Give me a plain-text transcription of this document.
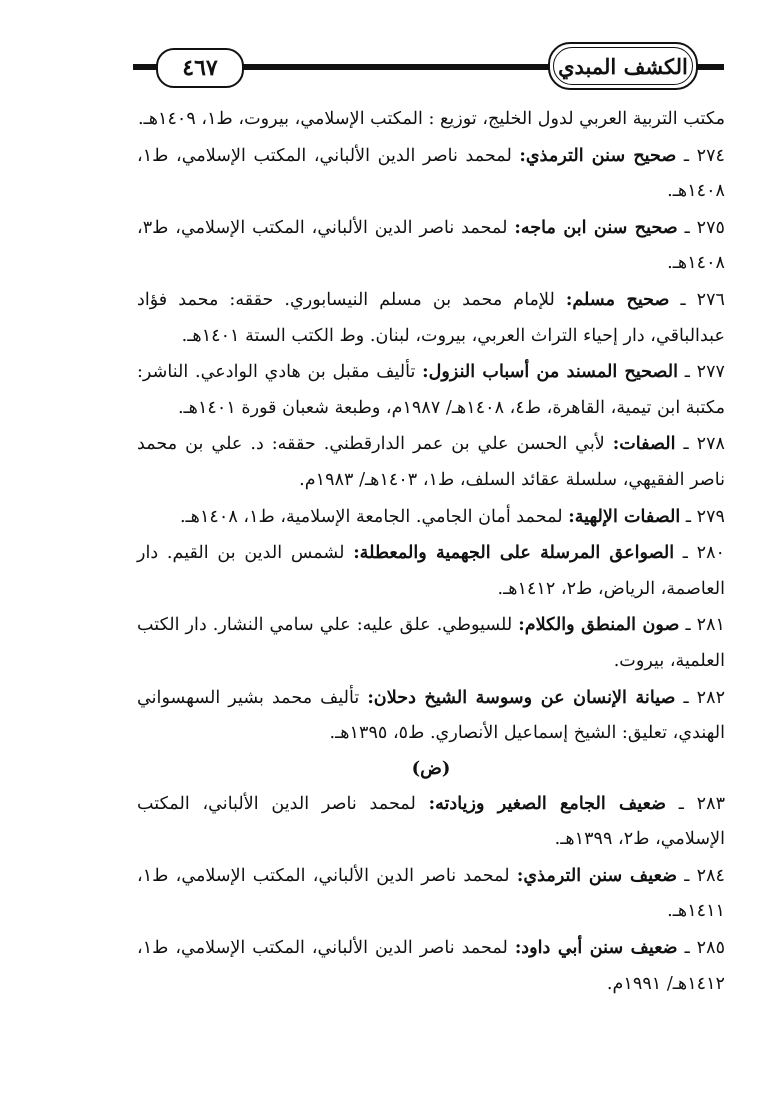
٤٦٧	الكشف المبدي

مكتب التربية العربي لدول الخليج، توزيع : المكتب الإسلامي، بيروت، ط١، ١٤٠٩هـ.

٢٧٤ ـ صحيح سنن الترمذي: لمحمد ناصر الدين الألباني، المكتب الإسلامي، ط١، ١٤٠٨هـ.

٢٧٥ ـ صحيح سنن ابن ماجه: لمحمد ناصر الدين الألباني، المكتب الإسلامي، ط٣، ١٤٠٨هـ.

٢٧٦ ـ صحيح مسلم: للإمام محمد بن مسلم النيسابوري. حققه: محمد فؤاد عبدالباقي، دار إحياء التراث العربي، بيروت، لبنان. وط الكتب الستة ١٤٠١هـ.

٢٧٧ ـ الصحيح المسند من أسباب النزول: تأليف مقبل بن هادي الوادعي. الناشر: مكتبة ابن تيمية، القاهرة، ط٤، ١٤٠٨هـ/ ١٩٨٧م، وطبعة شعبان قورة ١٤٠١هـ.

٢٧٨ ـ الصفات: لأبي الحسن علي بن عمر الدارقطني. حققه: د. علي بن محمد ناصر الفقيهي، سلسلة عقائد السلف، ط١، ١٤٠٣هـ/ ١٩٨٣م.

٢٧٩ ـ الصفات الإلهية: لمحمد أمان الجامي. الجامعة الإسلامية، ط١، ١٤٠٨هـ.

٢٨٠ ـ الصواعق المرسلة على الجهمية والمعطلة: لشمس الدين بن القيم. دار العاصمة، الرياض، ط٢، ١٤١٢هـ.

٢٨١ ـ صون المنطق والكلام: للسيوطي. علق عليه: علي سامي النشار. دار الكتب العلمية، بيروت.

٢٨٢ ـ صيانة الإنسان عن وسوسة الشيخ دحلان: تأليف محمد بشير السهسواني الهندي، تعليق: الشيخ إسماعيل الأنصاري. ط٥، ١٣٩٥هـ.

(ض)

٢٨٣ ـ ضعيف الجامع الصغير وزيادته: لمحمد ناصر الدين الألباني، المكتب الإسلامي، ط٢، ١٣٩٩هـ.

٢٨٤ ـ ضعيف سنن الترمذي: لمحمد ناصر الدين الألباني، المكتب الإسلامي، ط١، ١٤١١هـ.

٢٨٥ ـ ضعيف سنن أبي داود: لمحمد ناصر الدين الألباني، المكتب الإسلامي، ط١، ١٤١٢هـ/ ١٩٩١م.
